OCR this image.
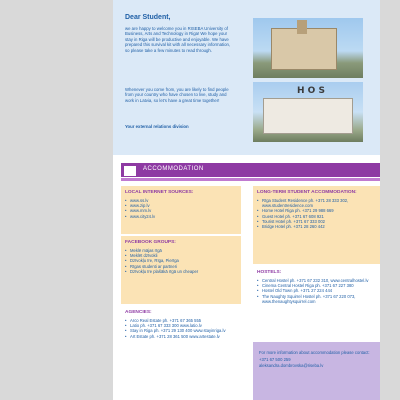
Dear Student,
we are happy to welcome you in RISEBA University of Business, Arts and Technology in Riga! We hope your stay in Riga will be productive and enjoyable. We have prepared this survival kit with all necessary information, so please take a few minutes to read through.
Whenever you come from, you are likely to find people from your country who have chosen to live, study and work in Latvia, so let's have a great time together!
Your external relations division
H O S
ACCOMMODATION
LOCAL INTERNET SOURCES:
• www.ss.lv
• www.zip.lv
• www.mm.lv
• www.city24.lv
FACEBOOK GROUPS:
• Meklē mājas rīgā
• Meklēt dzīvokli
• Dzīvokļu īre, Rīga, Pierīga
• Rīgas studenti ar partneri
• Dzīvokļu īre plašākā rīgā un cheaper
AGENCIES:
• Arco Real Estate ph. +371 67 365 555
• Latio ph. +371 67 333 300 www.latio.lv
• Stay in Riga ph. +371 29 130 400 www.stayinriga.lv
• Art Estate ph. +371 28 361 500 www.artestate.lv
LONG-TERM STUDENT ACCOMMODATION:
• Rīga Student Residence ph. +371 28 333 302, www.studentresidence.com
• Home Hotel Riga ph. +371 29 988 669
• Guest Hotel ph. +371 67 608 921
• Tourist Hotel ph. +371 67 333 002
• Bridge Hotel ph. +371 28 260 442
HOSTELS:
• Central Hostel ph. +371 67 232 310, www.centralhostel.lv
• Cinema Central Hostel Riga ph. +371 67 227 380
• Hostel Old Town ph. +371 27 224 444
• The Naughty Squirrel Hostel ph. +371 67 220 073, www.thenaughtysquirrel.com
For more information about accommodation please contact:
+371 67 500 259
aleksandra.dombrovska@riseba.lv
